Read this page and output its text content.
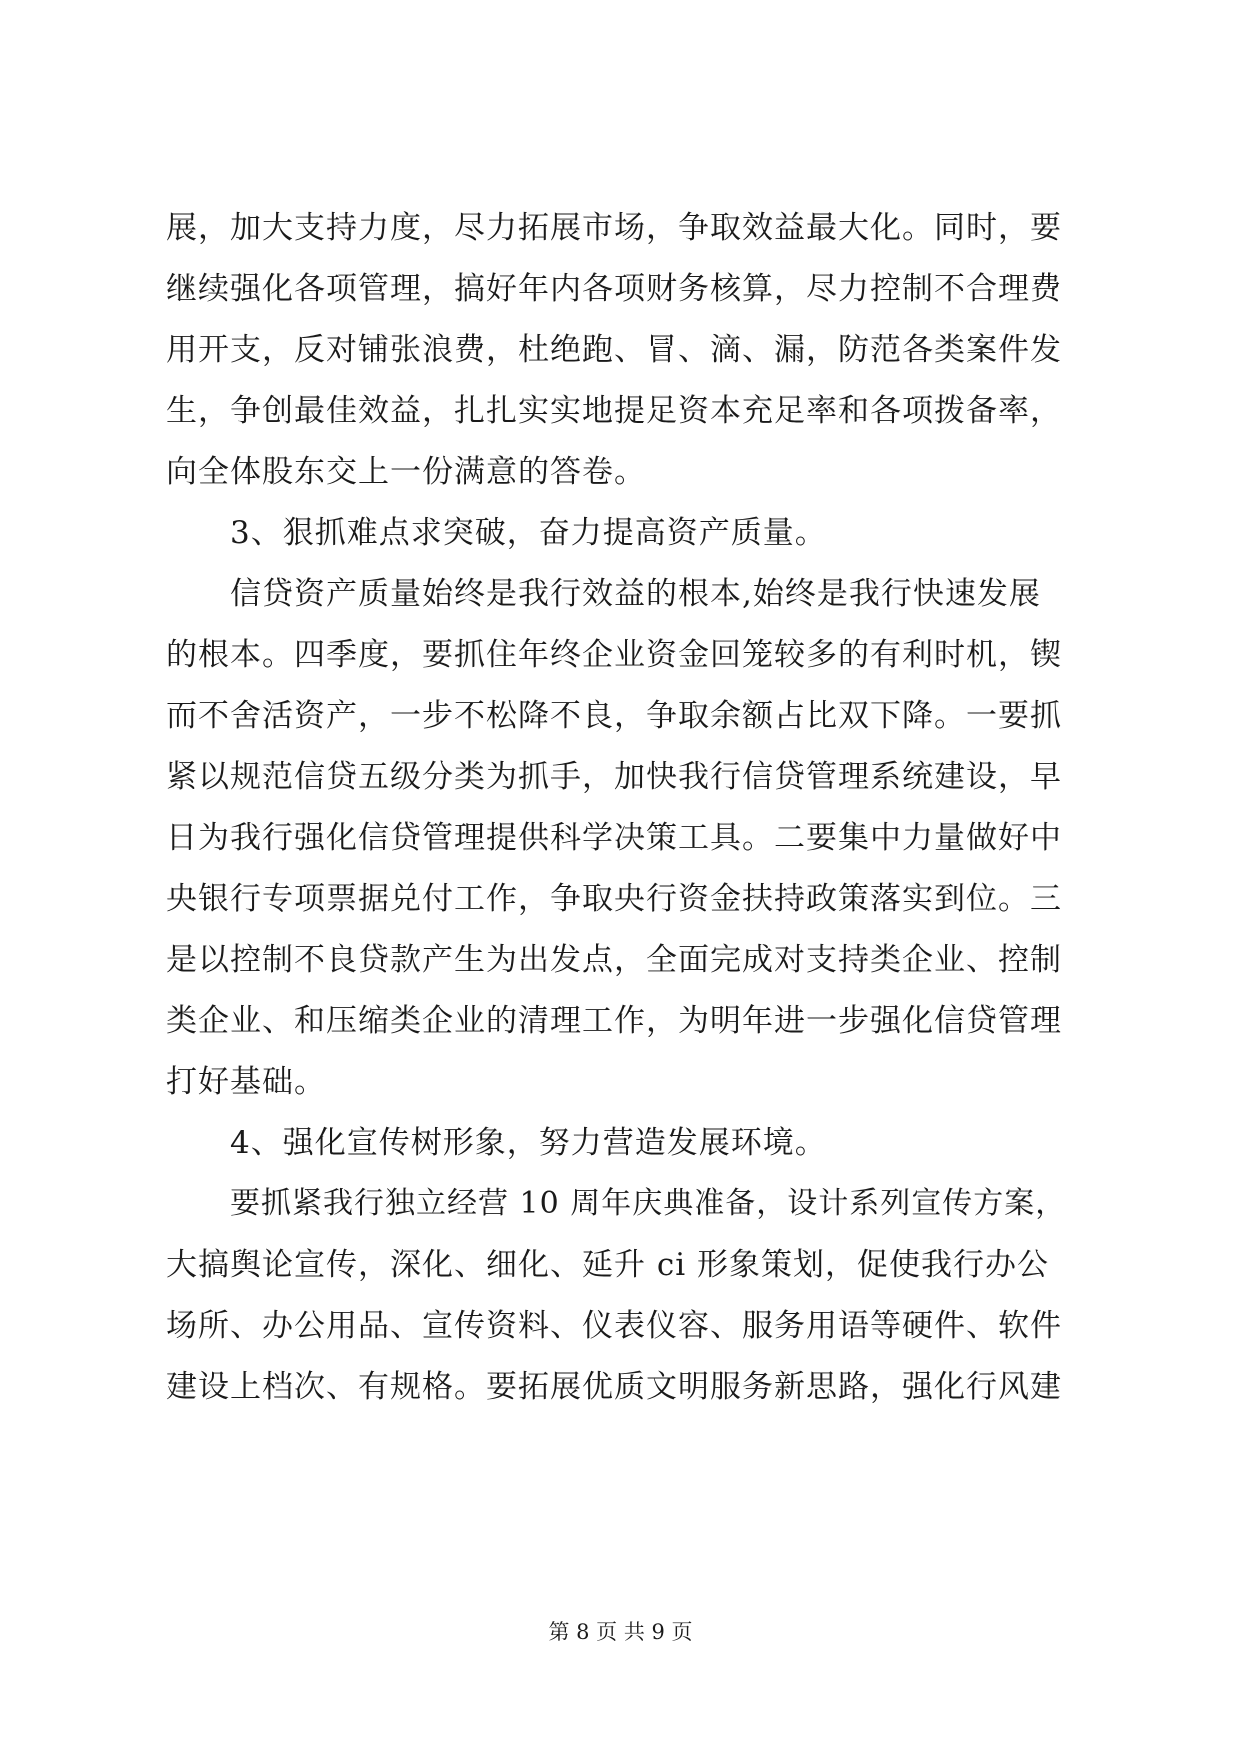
展，加大支持力度，尽力拓展市场，争取效益最大化。同时，要
继续强化各项管理，搞好年内各项财务核算，尽力控制不合理费
用开支，反对铺张浪费，杜绝跑、冒、滴、漏，防范各类案件发
生，争创最佳效益，扎扎实实地提足资本充足率和各项拨备率，
向全体股东交上一份满意的答卷。
3、狠抓难点求突破，奋力提高资产质量。
信贷资产质量始终是我行效益的根本,始终是我行快速发展
的根本。四季度，要抓住年终企业资金回笼较多的有利时机，锲
而不舍活资产，一步不松降不良，争取余额占比双下降。一要抓
紧以规范信贷五级分类为抓手，加快我行信贷管理系统建设，早
日为我行强化信贷管理提供科学决策工具。二要集中力量做好中
央银行专项票据兑付工作，争取央行资金扶持政策落实到位。三
是以控制不良贷款产生为出发点，全面完成对支持类企业、控制
类企业、和压缩类企业的清理工作，为明年进一步强化信贷管理
打好基础。
4、强化宣传树形象，努力营造发展环境。
要抓紧我行独立经营 10 周年庆典准备，设计系列宣传方案，
大搞舆论宣传，深化、细化、延升 ci 形象策划，促使我行办公
场所、办公用品、宣传资料、仪表仪容、服务用语等硬件、软件
建设上档次、有规格。要拓展优质文明服务新思路，强化行风建
第 8 页 共 9 页
